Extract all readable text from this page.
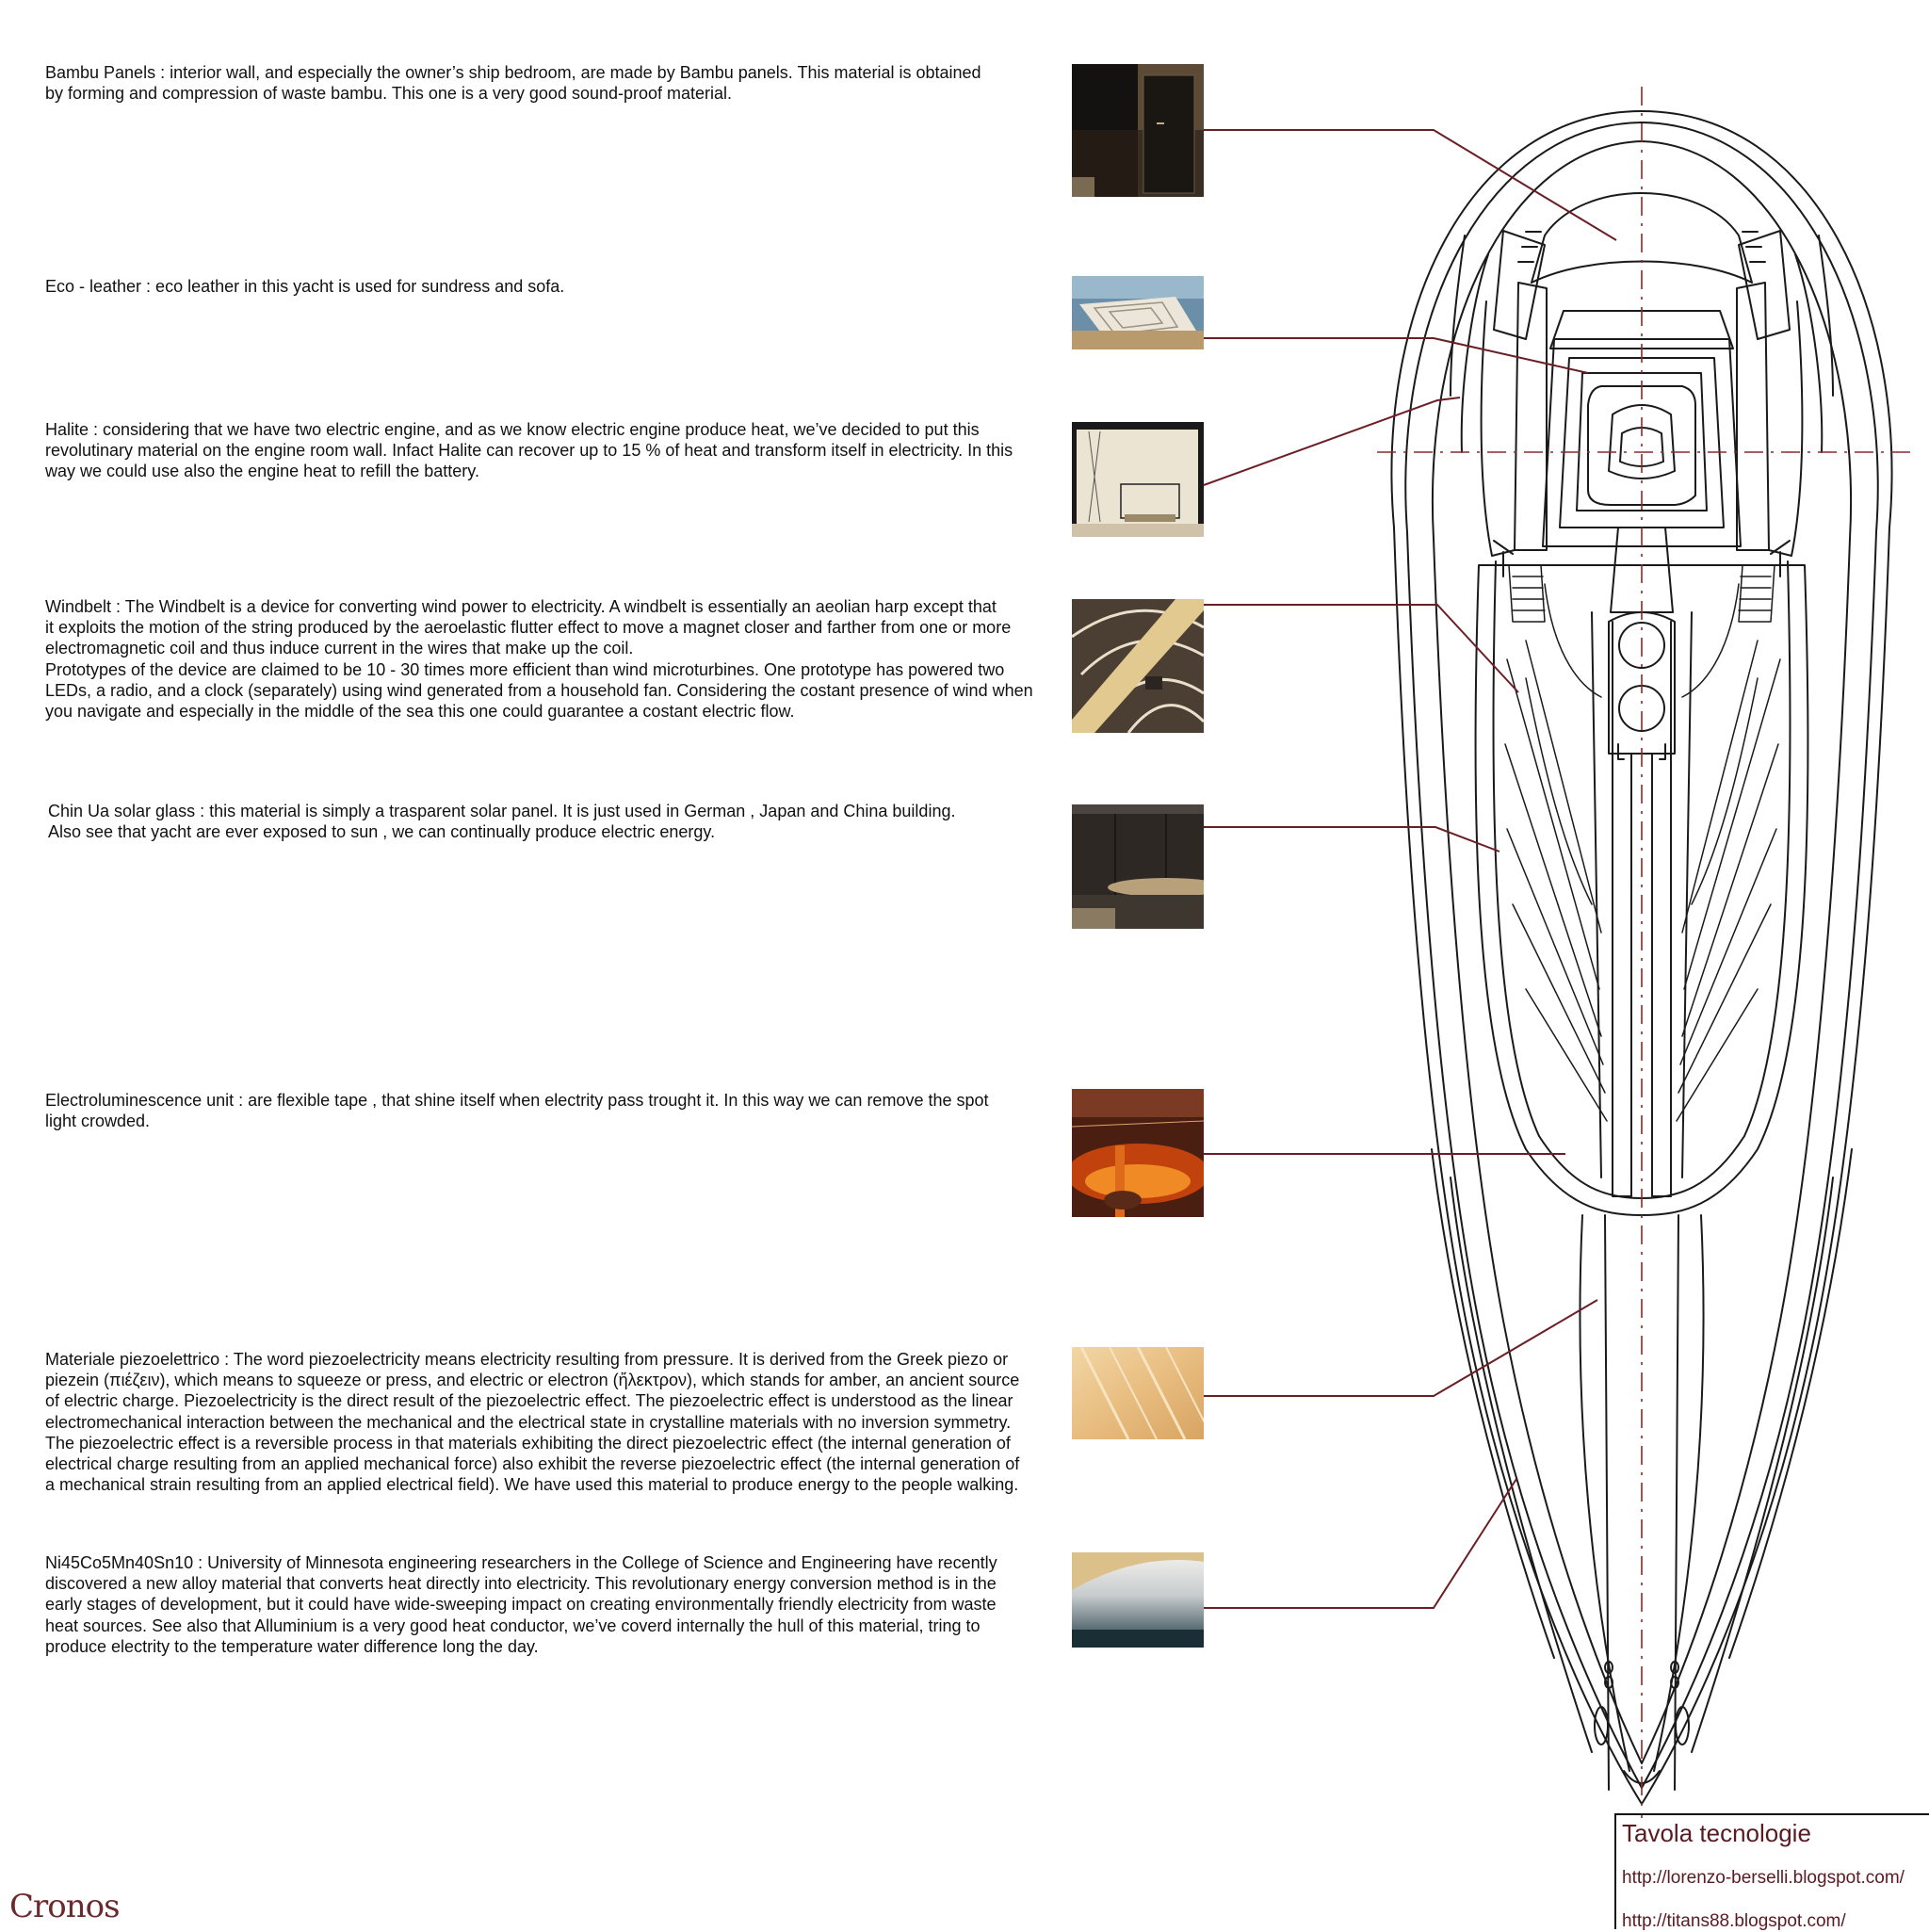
Bambu Panels : interior wall, and especially the owner’s ship bedroom, are made by Bambu panels. This material is obtained
by forming and compression of waste bambu. This one is a very good sound-proof material.

Eco - leather : eco leather in this yacht is used for sundress and sofa.

Halite : considering that we have two electric engine, and as we know electric engine produce heat, we’ve decided to put this
revolutinary material on the engine room wall. Infact Halite can recover up to 15 % of heat and transform itself in electricity. In this
way we could use also the engine heat to refill the battery.

Windbelt : The Windbelt is a device for converting wind power to electricity. A windbelt is essentially an aeolian harp except that
it exploits the motion of the string produced by the aeroelastic flutter effect to move a magnet closer and farther from one or more
electromagnetic coil and thus induce current in the wires that make up the coil.
Prototypes of the device are claimed to be 10 - 30 times more efficient than wind microturbines. One prototype has powered two
LEDs, a radio, and a clock (separately) using wind generated from a household fan. Considering the costant presence of wind when
you navigate and especially in the middle of the sea this one could guarantee a costant electric flow.

Chin Ua solar glass : this material is simply a trasparent solar panel. It is just used in German , Japan and China building.
Also see that yacht are ever exposed to sun , we can continually produce electric energy.

Electroluminescence unit : are flexible tape , that shine itself when electrity pass trought it. In this way we can remove the spot
light crowded.

Materiale piezoelettrico : The word piezoelectricity means electricity resulting from pressure. It is derived from the Greek piezo or
piezein (πιέζειν), which means to squeeze or press, and electric or electron (ἤλεκτρον), which stands for amber, an ancient source
of electric charge. Piezoelectricity is the direct result of the piezoelectric effect. The piezoelectric effect is understood as the linear
electromechanical interaction between the mechanical and the electrical state in crystalline materials with no inversion symmetry.
The piezoelectric effect is a reversible process in that materials exhibiting the direct piezoelectric effect (the internal generation of
electrical charge resulting from an applied mechanical force) also exhibit the reverse piezoelectric effect (the internal generation of
a mechanical strain resulting from an applied electrical field). We have used this material to produce energy to the people walking.

Ni45Co5Mn40Sn10 : University of Minnesota engineering researchers in the College of Science and Engineering have recently
discovered a new alloy material that converts heat directly into electricity. This revolutionary energy conversion method is in the
early stages of development, but it could have wide-sweeping impact on creating environmentally friendly electricity from waste
heat sources. See also that Alluminium is a very good heat conductor, we’ve coverd internally the hull of this material, tring to
produce electrity to the temperature water difference long the day.

Tavola tecnologie
http://lorenzo-berselli.blogspot.com/
http://titans88.blogspot.com/
Cronos
